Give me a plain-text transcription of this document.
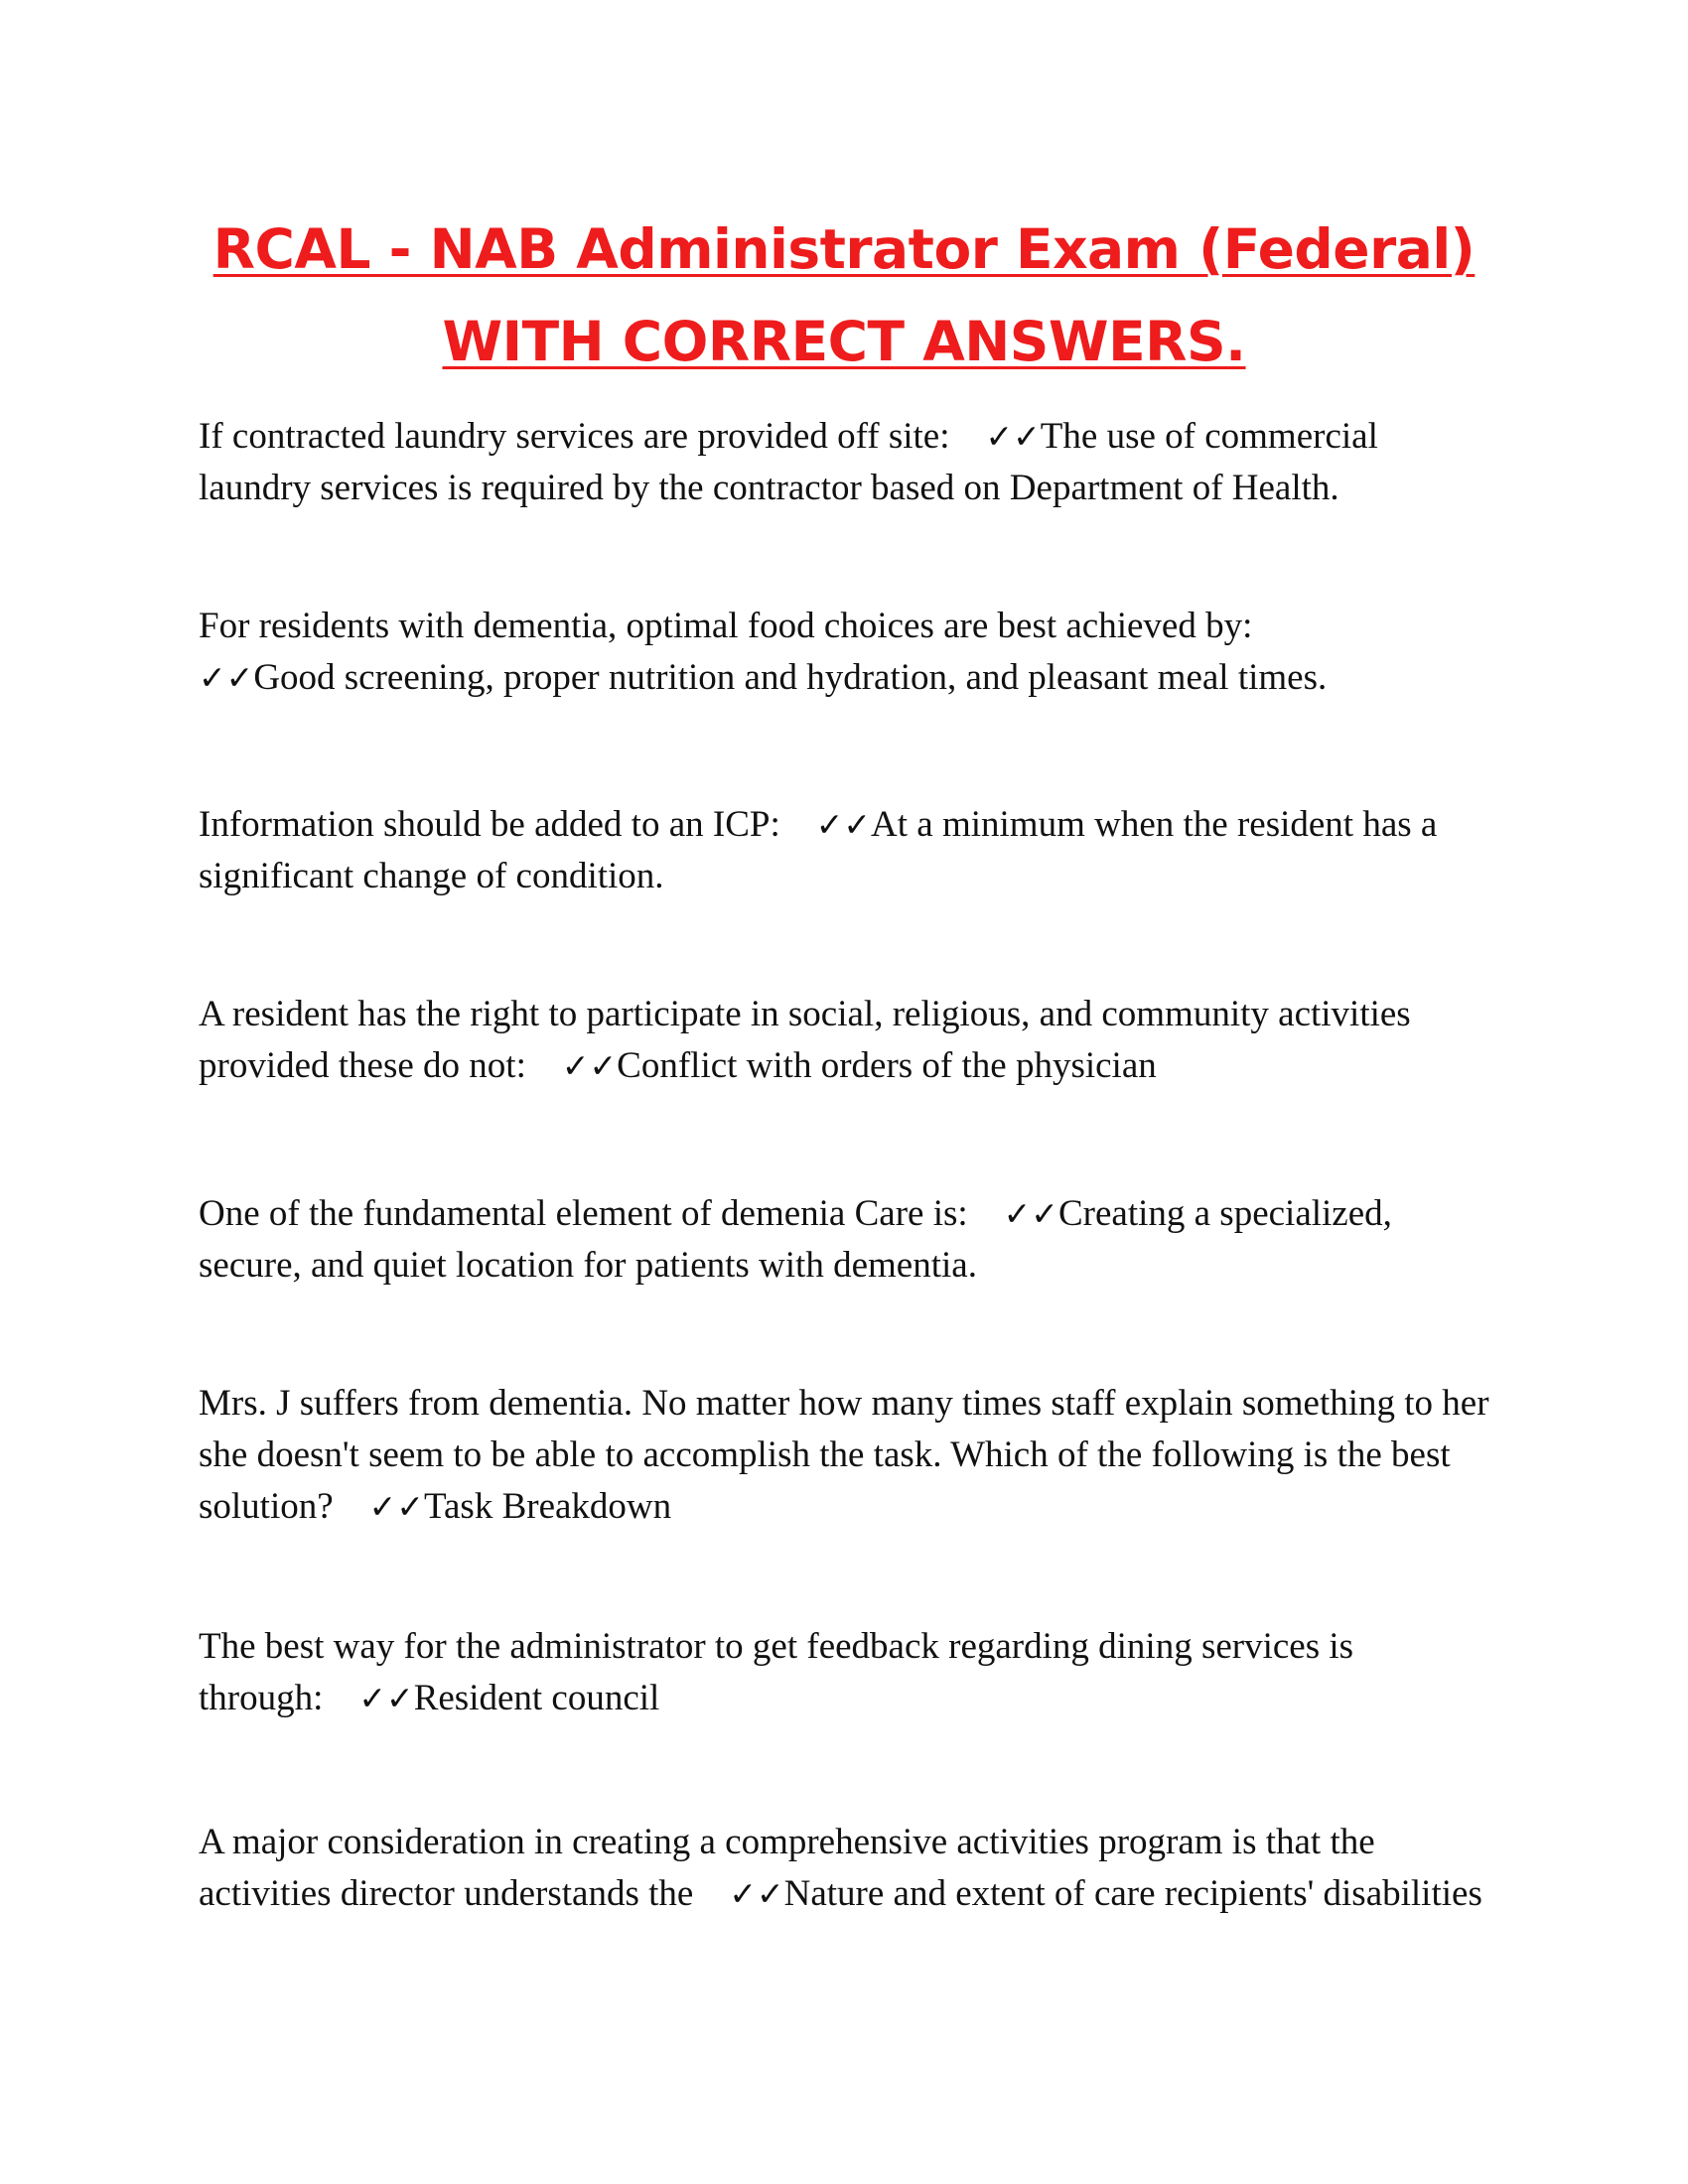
RCAL - NAB Administrator Exam (Federal)
WITH CORRECT ANSWERS.
If contracted laundry services are provided off site: ✓✓The use of commercial laundry services is required by the contractor based on Department of Health.
For residents with dementia, optimal food choices are best achieved by:
✓✓Good screening, proper nutrition and hydration, and pleasant meal times.
Information should be added to an ICP: ✓✓At a minimum when the resident has a significant change of condition.
A resident has the right to participate in social, religious, and community activities provided these do not: ✓✓Conflict with orders of the physician
One of the fundamental element of demenia Care is: ✓✓Creating a specialized, secure, and quiet location for patients with dementia.
Mrs. J suffers from dementia. No matter how many times staff explain something to her she doesn't seem to be able to accomplish the task. Which of the following is the best solution? ✓✓Task Breakdown
The best way for the administrator to get feedback regarding dining services is through: ✓✓Resident council
A major consideration in creating a comprehensive activities program is that the activities director understands the ✓✓Nature and extent of care recipients' disabilities
